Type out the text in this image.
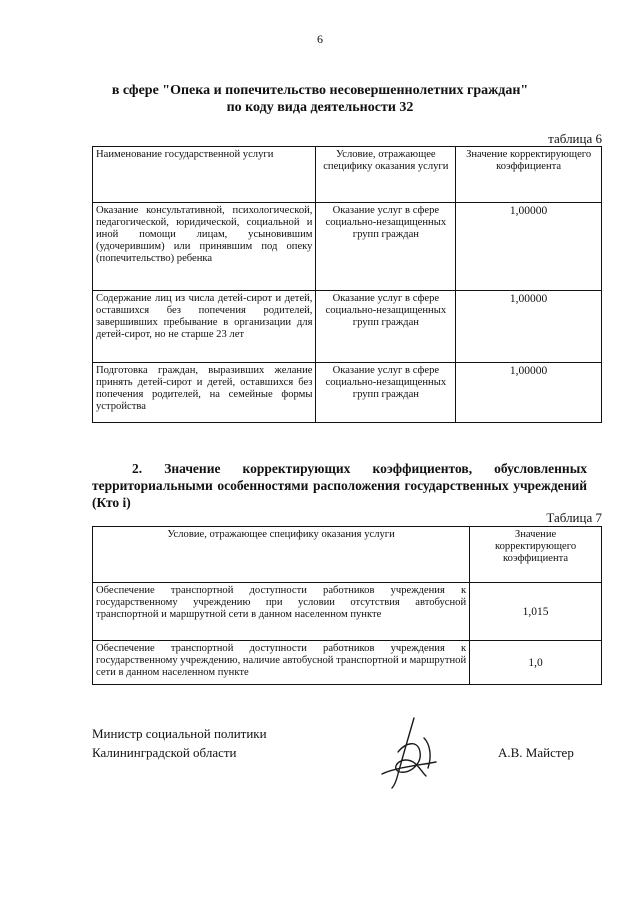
6
в сфере "Опека и попечительство несовершеннолетних граждан"
по коду вида деятельности 32
таблица 6
Наименование государственной услуги	Условие, отражающее специфику оказания услуги	Значение корректирующего коэффициента
Оказание консультативной, психологической, педагогической, юридической, социальной и иной помощи лицам, усыновившим (удочерившим) или принявшим под опеку (попечительство) ребенка	Оказание услуг в сфере социально-незащищенных групп граждан	1,00000
Содержание лиц из числа детей-сирот и детей, оставшихся без попечения родителей, завершивших пребывание в организации для детей-сирот, но не старше 23 лет	Оказание услуг в сфере социально-незащищенных групп граждан	1,00000
Подготовка граждан, выразивших желание принять детей-сирот и детей, оставшихся без попечения родителей, на семейные формы устройства	Оказание услуг в сфере социально-незащищенных групп граждан	1,00000
2. Значение корректирующих коэффициентов, обусловленных территориальными особенностями расположения государственных учреждений (Кто i)
Таблица 7
Условие, отражающее специфику оказания услуги	Значение корректирующего коэффициента
Обеспечение транспортной доступности работников учреждения к государственному учреждению при условии отсутствия автобусной транспортной и маршрутной сети в данном населенном пункте	1,015
Обеспечение транспортной доступности работников учреждения к государственному учреждению, наличие автобусной транспортной и маршрутной сети в данном населенном пункте	1,0
Министр социальной политики
Калининградской области	А.В. Майстер
